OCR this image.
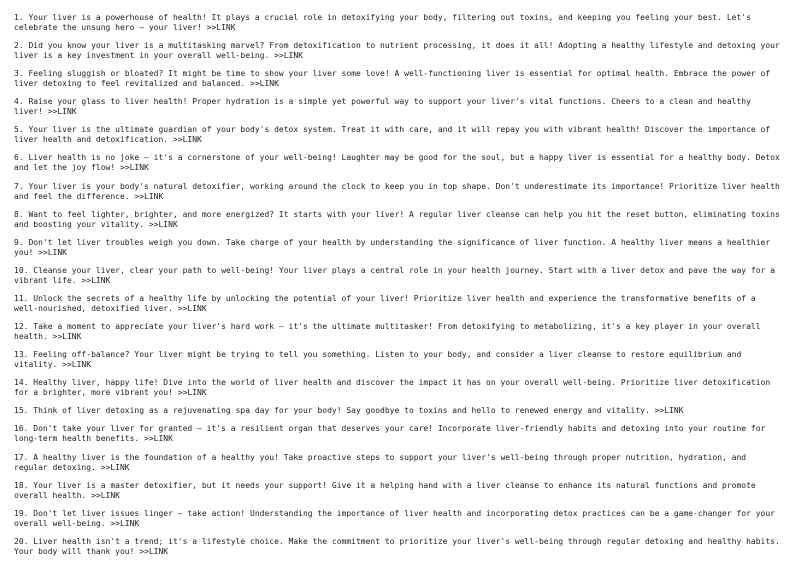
1. Your liver is a powerhouse of health! It plays a crucial role in detoxifying your body, filtering out toxins, and keeping you feeling your best. Let's celebrate the unsung hero – your liver! >>LINK

2. Did you know your liver is a multitasking marvel? From detoxification to nutrient processing, it does it all! Adopting a healthy lifestyle and detoxing your liver is a key investment in your overall well-being. >>LINK

3. Feeling sluggish or bloated? It might be time to show your liver some love! A well-functioning liver is essential for optimal health. Embrace the power of liver detoxing to feel revitalized and balanced. >>LINK

4. Raise your glass to liver health! Proper hydration is a simple yet powerful way to support your liver's vital functions. Cheers to a clean and healthy liver! >>LINK

5. Your liver is the ultimate guardian of your body's detox system. Treat it with care, and it will repay you with vibrant health! Discover the importance of liver health and detoxification. >>LINK

6. Liver health is no joke – it's a cornerstone of your well-being! Laughter may be good for the soul, but a happy liver is essential for a healthy body. Detox and let the joy flow! >>LINK

7. Your liver is your body's natural detoxifier, working around the clock to keep you in top shape. Don't underestimate its importance! Prioritize liver health and feel the difference. >>LINK

8. Want to feel lighter, brighter, and more energized? It starts with your liver! A regular liver cleanse can help you hit the reset button, eliminating toxins and boosting your vitality. >>LINK

9. Don't let liver troubles weigh you down. Take charge of your health by understanding the significance of liver function. A healthy liver means a healthier you! >>LINK

10. Cleanse your liver, clear your path to well-being! Your liver plays a central role in your health journey. Start with a liver detox and pave the way for a vibrant life. >>LINK

11. Unlock the secrets of a healthy life by unlocking the potential of your liver! Prioritize liver health and experience the transformative benefits of a well-nourished, detoxified liver. >>LINK

12. Take a moment to appreciate your liver's hard work – it's the ultimate multitasker! From detoxifying to metabolizing, it's a key player in your overall health. >>LINK

13. Feeling off-balance? Your liver might be trying to tell you something. Listen to your body, and consider a liver cleanse to restore equilibrium and vitality. >>LINK

14. Healthy liver, happy life! Dive into the world of liver health and discover the impact it has on your overall well-being. Prioritize liver detoxification for a brighter, more vibrant you! >>LINK

15. Think of liver detoxing as a rejuvenating spa day for your body! Say goodbye to toxins and hello to renewed energy and vitality. >>LINK

16. Don't take your liver for granted – it's a resilient organ that deserves your care! Incorporate liver-friendly habits and detoxing into your routine for long-term health benefits. >>LINK

17. A healthy liver is the foundation of a healthy you! Take proactive steps to support your liver's well-being through proper nutrition, hydration, and regular detoxing. >>LINK

18. Your liver is a master detoxifier, but it needs your support! Give it a helping hand with a liver cleanse to enhance its natural functions and promote overall health. >>LINK

19. Don't let liver issues linger – take action! Understanding the importance of liver health and incorporating detox practices can be a game-changer for your overall well-being. >>LINK

20. Liver health isn't a trend; it's a lifestyle choice. Make the commitment to prioritize your liver's well-being through regular detoxing and healthy habits. Your body will thank you! >>LINK
